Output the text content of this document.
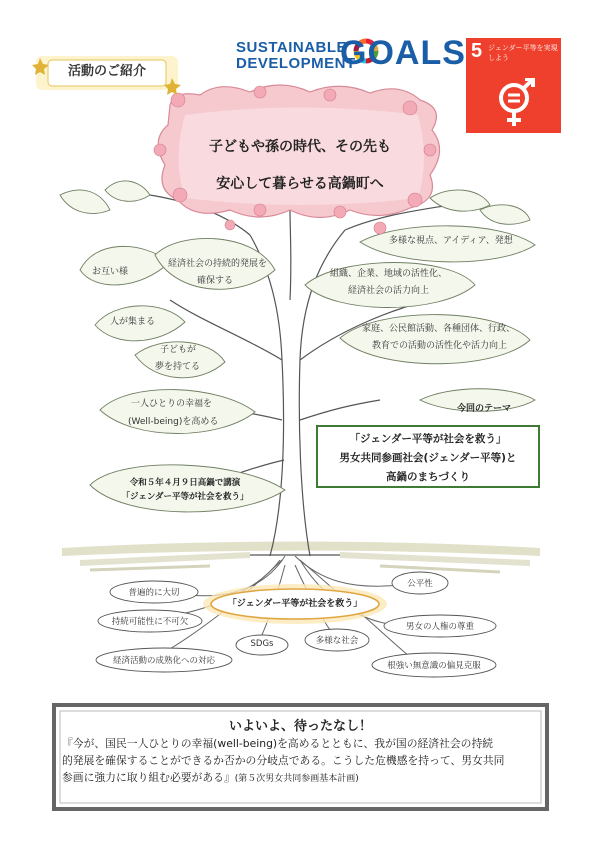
活動のご紹介
SUSTAINABLE
DEVELOPMENT
GOALS 5 ジェンダー平等を実現しよう
子どもや孫の時代、その先も
安心して暮らせる高鍋町へ
お互い様
経済社会の持続的発展を
確保する
人が集まる
子どもが
夢を持てる
一人ひとりの幸福を
(Well-being)を高める
多様な視点、アイディア、発想
組織、企業、地域の活性化、
経済社会の活力向上
家庭、公民館活動、各種団体、行政、
教育での活動の活性化や活力向上
今回のテーマ
「ジェンダー平等が社会を救う」
男女共同参画社会(ジェンダー平等)と
高鍋のまちづくり
令和５年４月９日高鍋で講演
「ジェンダー平等が社会を救う」
「ジェンダー平等が社会を救う」
普遍的に大切
持続可能性に不可欠
経済活動の成熟化への対応
SDGs	多様な社会
公平性
男女の人権の尊重
根強い無意識の偏見克服
いよいよ、待ったなし！
『今が、国民一人ひとりの幸福(well-being)を高めるとともに、我が国の経済社会の持続
的発展を確保することができるか否かの分岐点である。こうした危機感を持って、男女共同
参画に強力に取り組む必要がある』(第５次男女共同参画基本計画)
